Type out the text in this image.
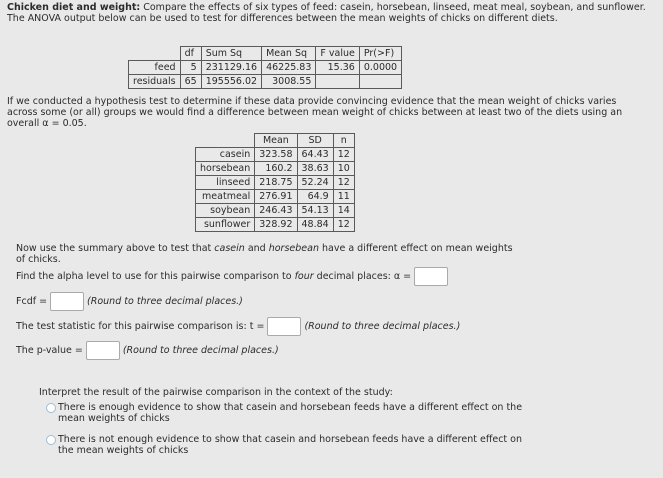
Chicken diet and weight: Compare the effects of six types of feed: casein, horsebean, linseed, meat meal, soybean, and sunflower. The ANOVA output below can be used to test for differences between the mean weights of chicks on different diets.
	df	Sum Sq	Mean Sq	F value	Pr(>F)
feed	5	231129.16	46225.83	15.36	0.0000
residuals	65	195556.02	3008.55		
If we conducted a hypothesis test to determine if these data provide convincing evidence that the mean weight of chicks varies across some (or all) groups we would find a difference between mean weight of chicks between at least two of the diets using an overall α = 0.05.
	Mean	SD	n
casein	323.58	64.43	12
horsebean	160.2	38.63	10
linseed	218.75	52.24	12
meatmeal	276.91	64.9	11
soybean	246.43	54.13	14
sunflower	328.92	48.84	12
Now use the summary above to test that casein and horsebean have a different effect on mean weights of chicks.
Find the alpha level to use for this pairwise comparison to four decimal places: α =
Fcdf =	(Round to three decimal places.)
The test statistic for this pairwise comparison is: t =	(Round to three decimal places.)
The p-value =	(Round to three decimal places.)
Interpret the result of the pairwise comparison in the context of the study:
There is enough evidence to show that casein and horsebean feeds have a different effect on the mean weights of chicks
There is not enough evidence to show that casein and horsebean feeds have a different effect on the mean weights of chicks
